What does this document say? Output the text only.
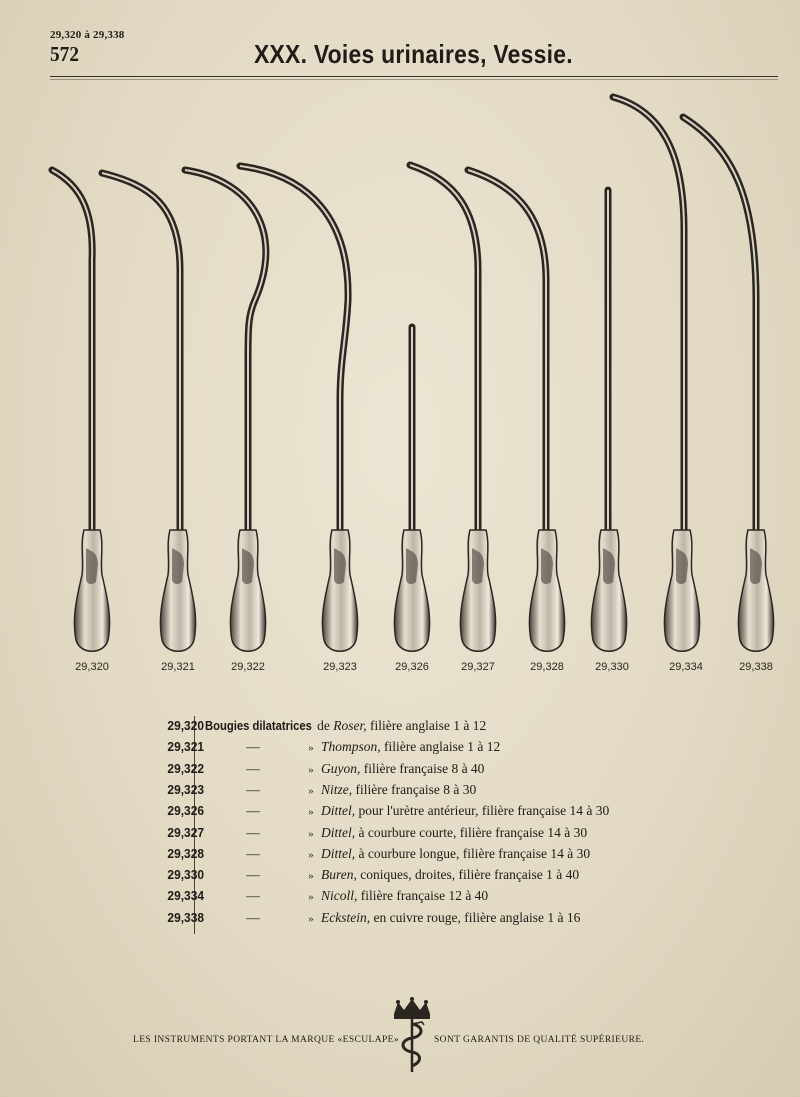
29,320 à 29,338
572	XXX. Voies urinaires, Vessie.
29,320	29,321	29,322	29,323	29,326	29,327	29,328	29,330	29,334	29,338
29,320 Bougies dilatatrices de Roser, filière anglaise 1 à 12
29,321	—	» Thompson, filière anglaise 1 à 12
29,322	—	» Guyon, filière française 8 à 40
29,323	—	» Nitze, filière française 8 à 30
29,326	—	» Dittel, pour l'urètre antérieur, filière française 14 à 30
29,327	—	» Dittel, à courbure courte, filière française 14 à 30
29,328	—	» Dittel, à courbure longue, filière française 14 à 30
29,330	—	» Buren, coniques, droites, filière française 1 à 40
29,334	—	» Nicoll, filière française 12 à 40
29,338	—	» Eckstein, en cuivre rouge, filière anglaise 1 à 16
LES INSTRUMENTS PORTANT LA MARQUE «ESCULAPE»	SONT GARANTIS DE QUALITÉ SUPÉRIEURE.
